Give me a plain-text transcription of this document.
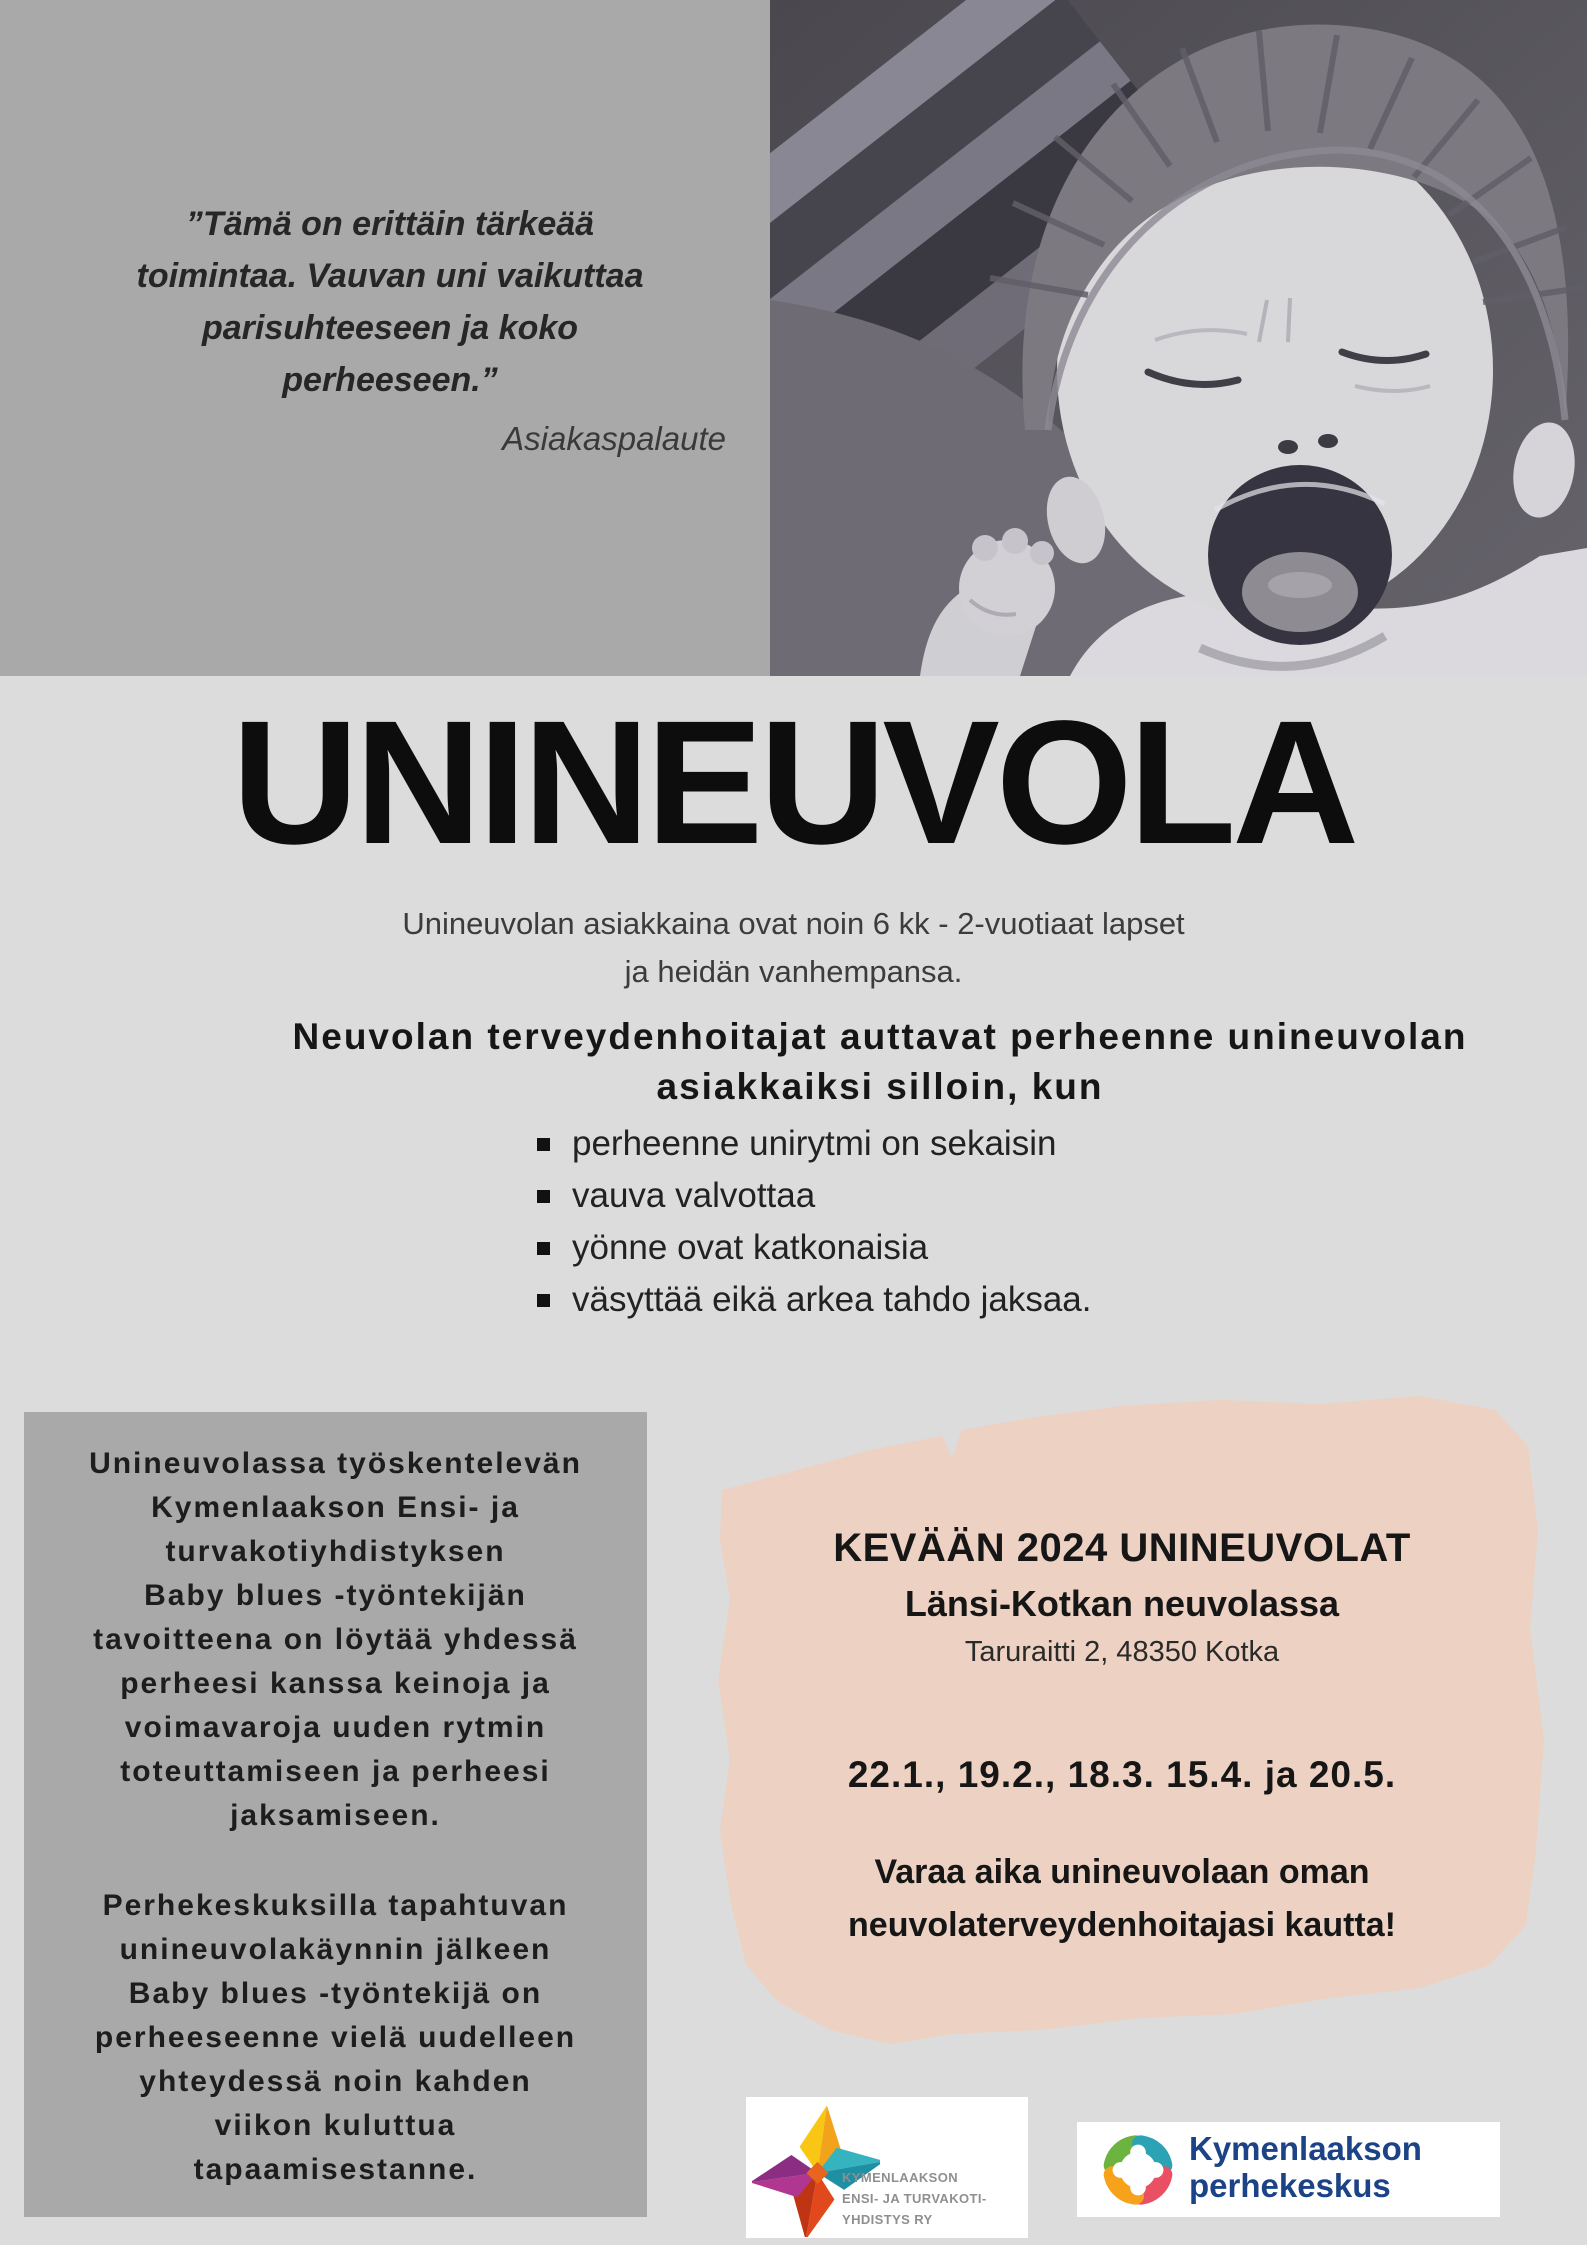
”Tämä on erittäin tärkeää
toimintaa. Vauvan uni vaikuttaa
parisuhteeseen ja koko
perheeseen.”
Asiakaspalaute
UNINEUVOLA
Unineuvolan asiakkaina ovat noin 6 kk - 2-vuotiaat lapset
ja heidän vanhempansa.
Neuvolan terveydenhoitajat auttavat perheenne unineuvolan
asiakkaiksi silloin, kun
perheenne unirytmi on sekaisin
vauva valvottaa
yönne ovat katkonaisia
väsyttää eikä arkea tahdo jaksaa.
Unineuvolassa työskentelevän
Kymenlaakson Ensi- ja
turvakotiyhdistyksen
Baby blues -työntekijän
tavoitteena on löytää yhdessä
perheesi kanssa keinoja ja
voimavaroja uuden rytmin
toteuttamiseen ja perheesi
jaksamiseen.
Perhekeskuksilla tapahtuvan
unineuvolakäynnin jälkeen
Baby blues -työntekijä on
perheeseenne vielä uudelleen
yhteydessä noin kahden
viikon kuluttua
tapaamisestanne.
KEVÄÄN 2024 UNINEUVOLAT
Länsi-Kotkan neuvolassa
Taruraitti 2, 48350 Kotka
22.1., 19.2., 18.3. 15.4. ja 20.5.
Varaa aika unineuvolaan oman
neuvolaterveydenhoitajasi kautta!
KYMENLAAKSON
ENSI- JA TURVAKOTI-
YHDISTYS RY
Kymenlaakson
perhekeskus
